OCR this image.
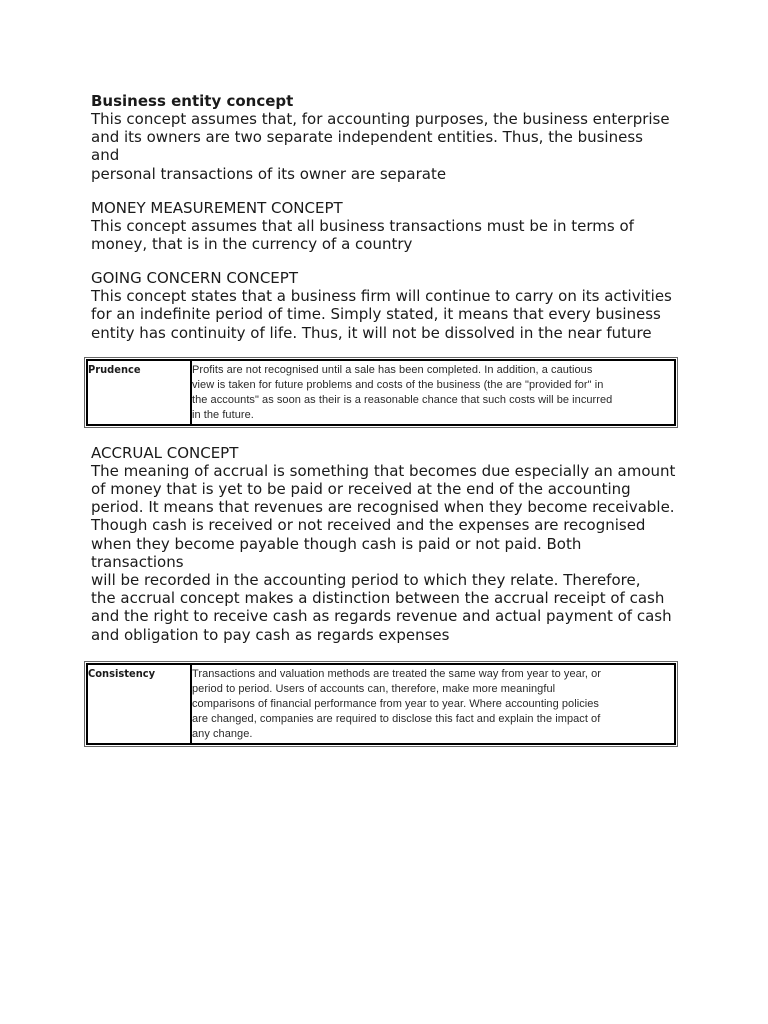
Business entity concept

This concept assumes that, for accounting purposes, the business enterprise

and its owners are two separate independent entities. Thus, the business

and

personal transactions of its owner are separate

MONEY MEASUREMENT CONCEPT

This concept assumes that all business transactions must be in terms of

money, that is in the currency of a country

GOING CONCERN CONCEPT

This concept states that a business firm will continue to carry on its activities

for an indefinite period of time. Simply stated, it means that every business

entity has continuity of life. Thus, it will not be dissolved in the near future

Prudence	Profits are not recognised until a sale has been completed. In addition, a cautious

view is taken for future problems and costs of the business (the are "provided for" in

the accounts" as soon as their is a reasonable chance that such costs will be incurred

in the future.

ACCRUAL CONCEPT

The meaning of accrual is something that becomes due especially an amount

of money that is yet to be paid or received at the end of the accounting

period. It means that revenues are recognised when they become receivable.

Though cash is received or not received and the expenses are recognised

when they become payable though cash is paid or not paid. Both

transactions

will be recorded in the accounting period to which they relate. Therefore,

the accrual concept makes a distinction between the accrual receipt of cash

and the right to receive cash as regards revenue and actual payment of cash

and obligation to pay cash as regards expenses

Consistency	Transactions and valuation methods are treated the same way from year to year, or

period to period. Users of accounts can, therefore, make more meaningful

comparisons of financial performance from year to year. Where accounting policies

are changed, companies are required to disclose this fact and explain the impact of

any change.
